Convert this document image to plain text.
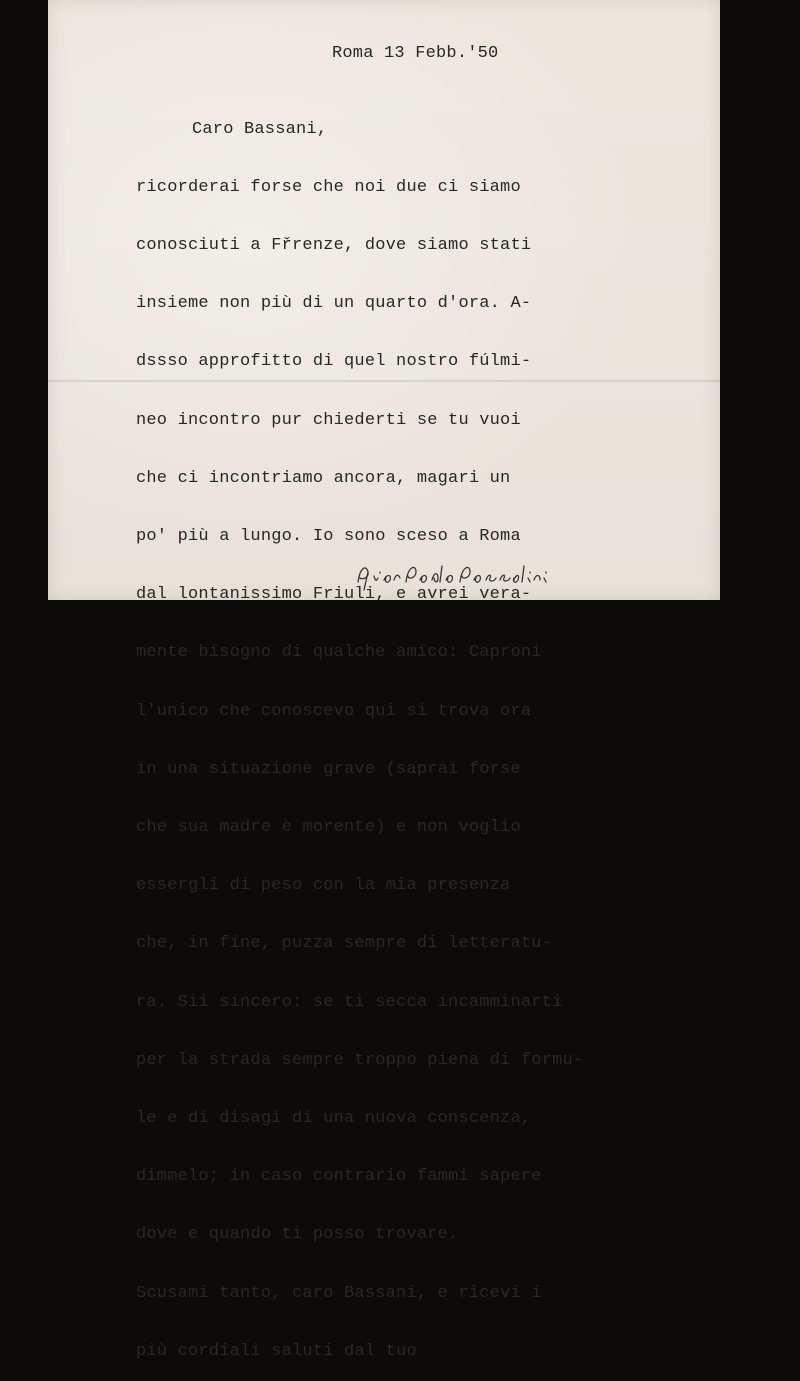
Roma 13 Febb.'50
Caro Bassani,

ricorderai forse che noi due ci siamo

conosciuti a Fřrenze, dove siamo stati

insieme non più di un quarto d'ora. A-

dssso approfitto di quel nostro fúlmi-

neo incontro pur chiederti se tu vuoi

che ci incontriamo ancora, magari un

po' più a lungo. Io sono sceso a Roma

dal lontanissimo Friuli, e avrei vera-

mente bisogno di qualche amico: Caproni

l'unico che conoscevo qui si trova ora

in una situazione grave (saprai forse

che sua madre è morente) e non voglio

essergli di peso con la mia presenza

che, in fine, puzza sempre di letteratu-

ra. Sii sincero: se ti secca incamminarti

per la strada sempre troppo piena di formu-

le e di disagi di una nuova conscenza,

dimmelo; in caso contrario fammi sapere

dove e quando ti posso trovare.

Scusami tanto, caro Bassani, e ricevi i

più cordiali saluti dal tuo
